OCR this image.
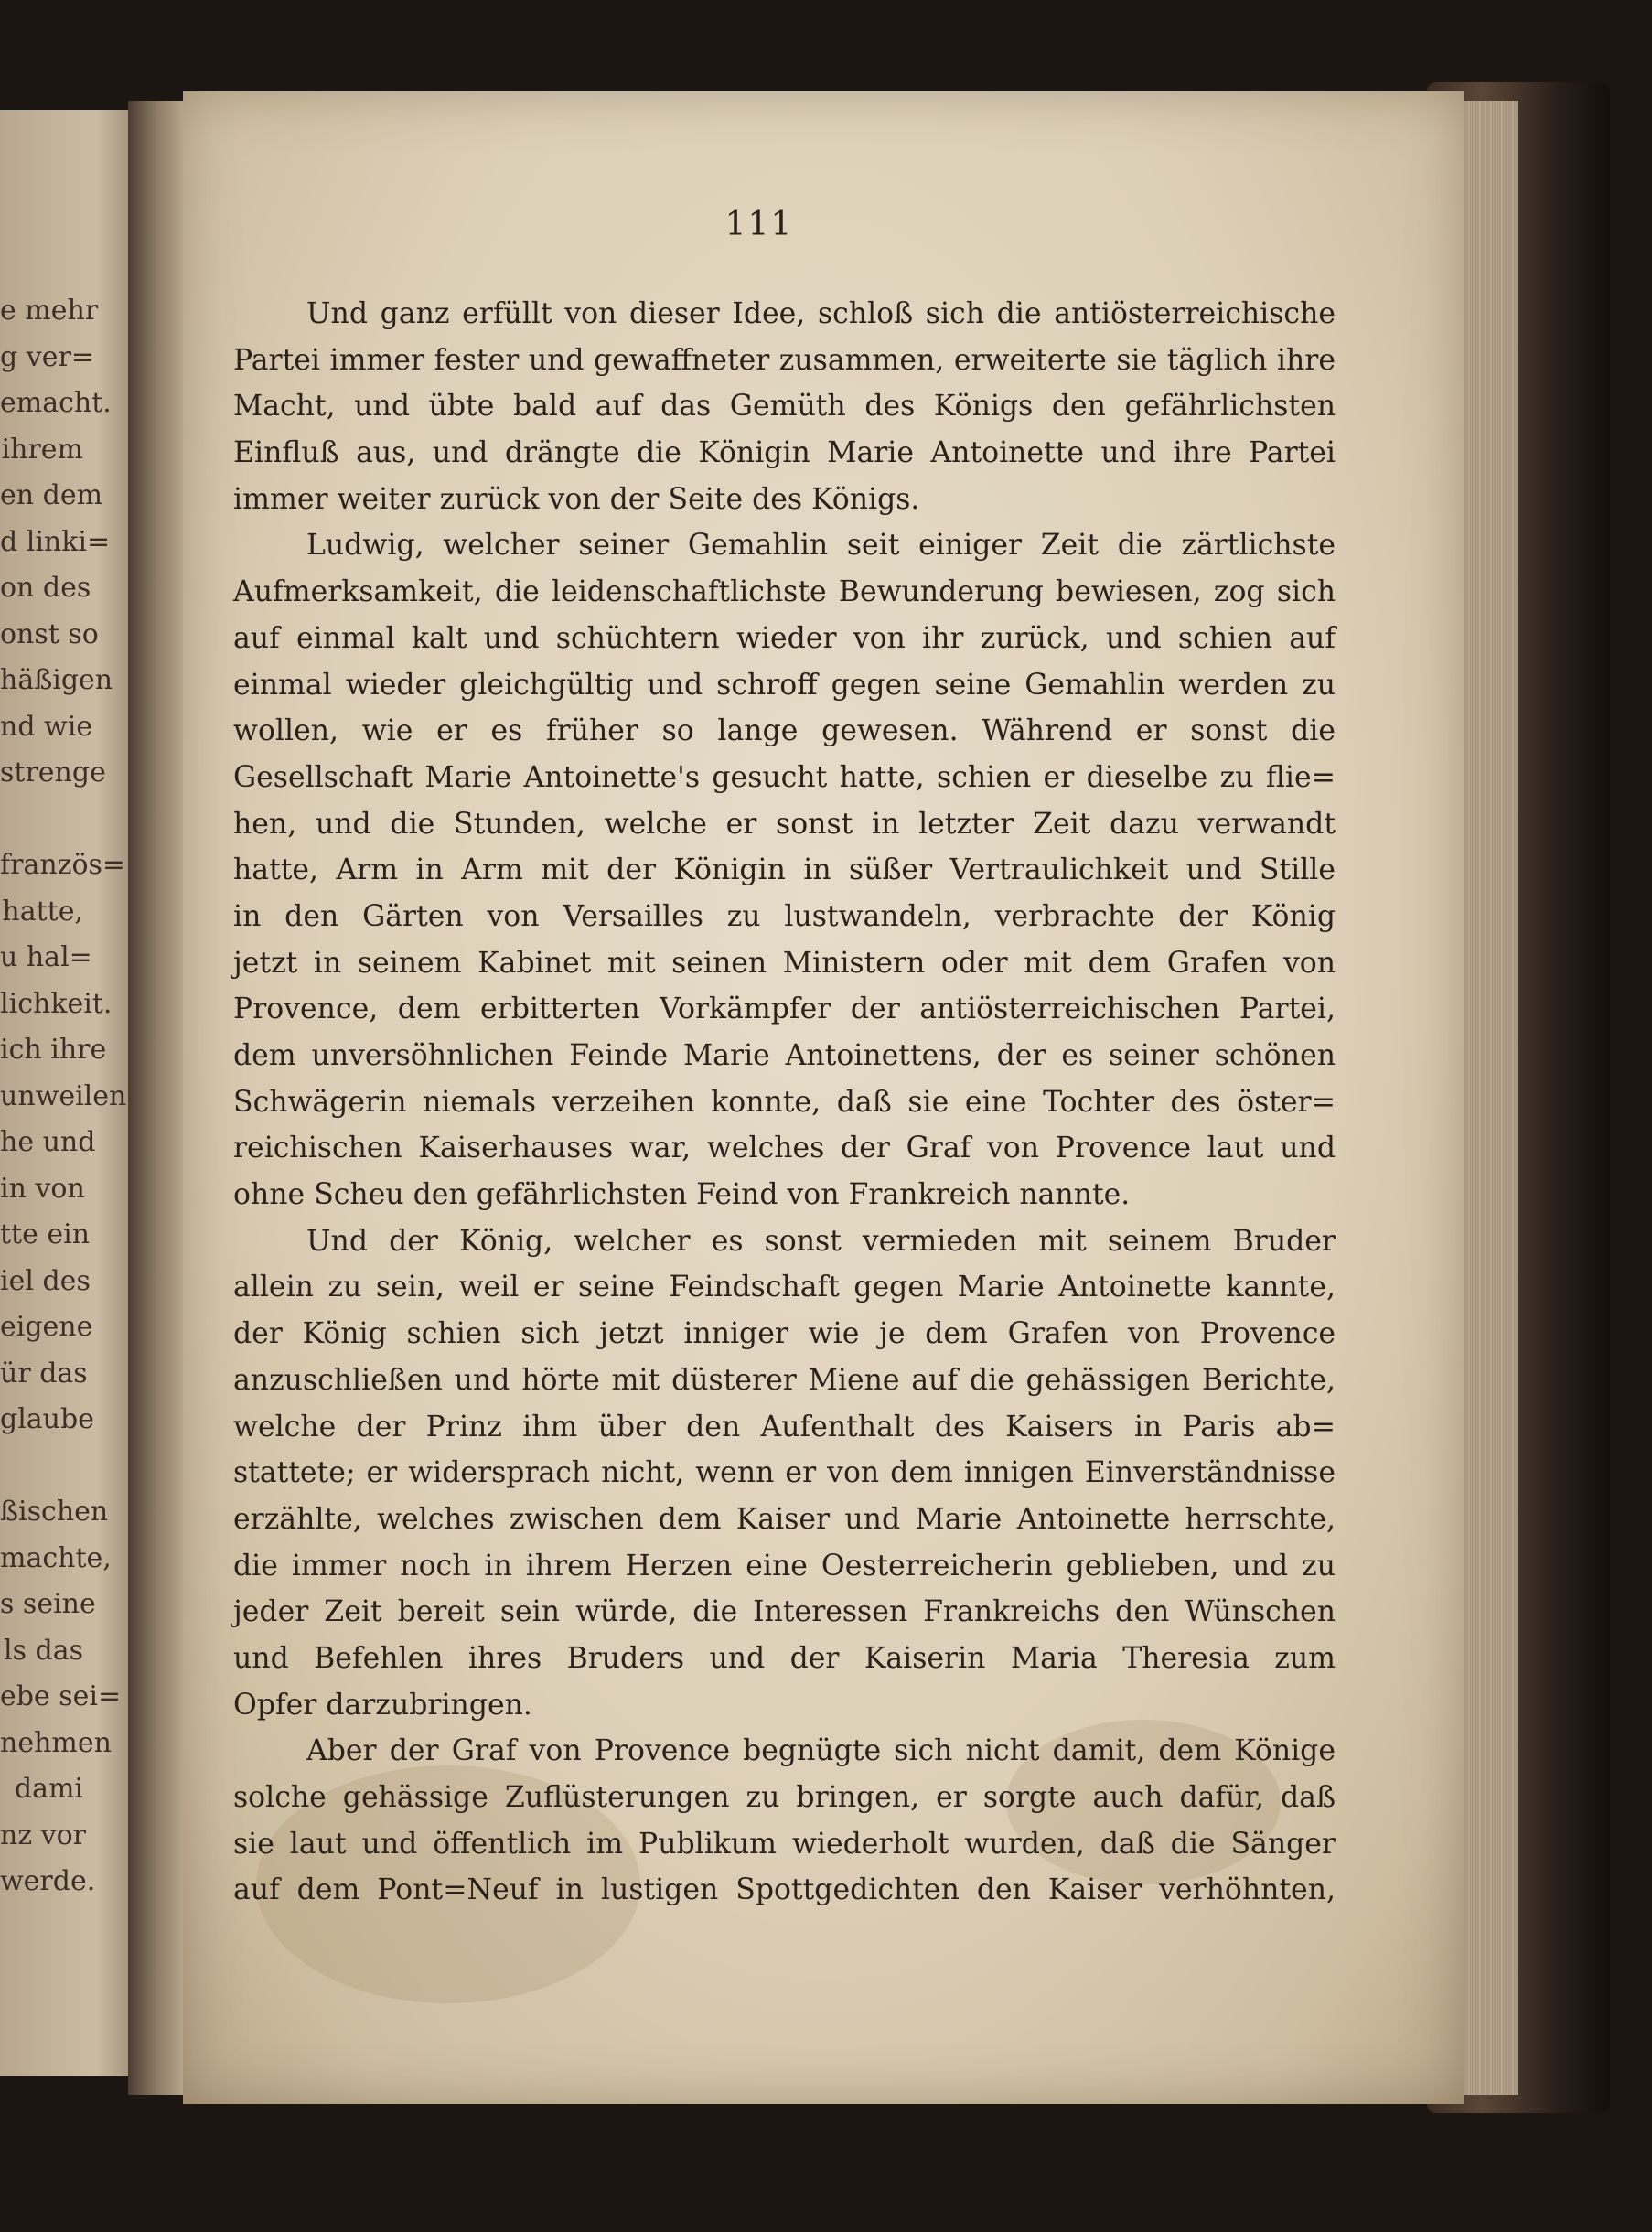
e mehr
g ver=
emacht.
ihrem
en dem
d linki=
on des
onst so
häßigen
nd wie
strenge
französ=
hatte,
u hal=
lichkeit.
ich ihre
unweilen
he und
in von
tte ein
iel des
eigene
ür das
glaube
ßischen
machte,
s seine
ls das
ebe sei=
nehmen
dami
nz vor
werde.
111
Und ganz erfüllt von dieser Idee, schloß sich die antiösterreichische
Partei immer fester und gewaffneter zusammen, erweiterte sie täglich ihre
Macht, und übte bald auf das Gemüth des Königs den gefährlichsten
Einfluß aus, und drängte die Königin Marie Antoinette und ihre Partei
immer weiter zurück von der Seite des Königs.
Ludwig, welcher seiner Gemahlin seit einiger Zeit die zärtlichste
Aufmerksamkeit, die leidenschaftlichste Bewunderung bewiesen, zog sich
auf einmal kalt und schüchtern wieder von ihr zurück, und schien auf
einmal wieder gleichgültig und schroff gegen seine Gemahlin werden zu
wollen, wie er es früher so lange gewesen. Während er sonst die
Gesellschaft Marie Antoinette's gesucht hatte, schien er dieselbe zu flie=
hen, und die Stunden, welche er sonst in letzter Zeit dazu verwandt
hatte, Arm in Arm mit der Königin in süßer Vertraulichkeit und Stille
in den Gärten von Versailles zu lustwandeln, verbrachte der König
jetzt in seinem Kabinet mit seinen Ministern oder mit dem Grafen von
Provence, dem erbitterten Vorkämpfer der antiösterreichischen Partei,
dem unversöhnlichen Feinde Marie Antoinettens, der es seiner schönen
Schwägerin niemals verzeihen konnte, daß sie eine Tochter des öster=
reichischen Kaiserhauses war, welches der Graf von Provence laut und
ohne Scheu den gefährlichsten Feind von Frankreich nannte.
Und der König, welcher es sonst vermieden mit seinem Bruder
allein zu sein, weil er seine Feindschaft gegen Marie Antoinette kannte,
der König schien sich jetzt inniger wie je dem Grafen von Provence
anzuschließen und hörte mit düsterer Miene auf die gehässigen Berichte,
welche der Prinz ihm über den Aufenthalt des Kaisers in Paris ab=
stattete; er widersprach nicht, wenn er von dem innigen Einverständnisse
erzählte, welches zwischen dem Kaiser und Marie Antoinette herrschte,
die immer noch in ihrem Herzen eine Oesterreicherin geblieben, und zu
jeder Zeit bereit sein würde, die Interessen Frankreichs den Wünschen
und Befehlen ihres Bruders und der Kaiserin Maria Theresia zum
Opfer darzubringen.
Aber der Graf von Provence begnügte sich nicht damit, dem Könige
solche gehässige Zuflüsterungen zu bringen, er sorgte auch dafür, daß
sie laut und öffentlich im Publikum wiederholt wurden, daß die Sänger
auf dem Pont=Neuf in lustigen Spottgedichten den Kaiser verhöhnten,
